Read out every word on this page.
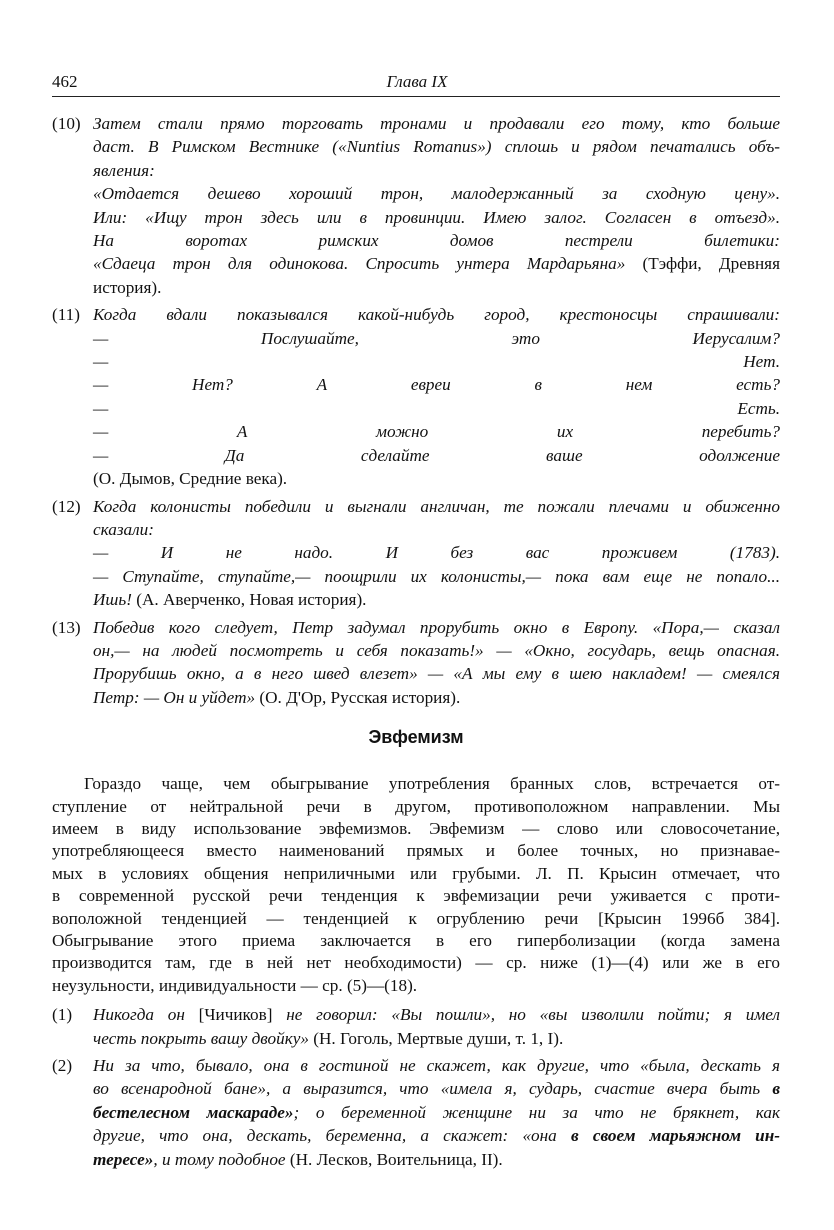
462	Глава IX
(10) Затем стали прямо торговать тронами и продавали его тому, кто больше
даст. В Римском Вестнике («Nuntius Romanus») сплошь и рядом печатались объ-
явления:
«Отдается дешево хороший трон, малодержанный за сходную цену».
Или: «Ищу трон здесь или в провинции. Имею залог. Согласен в отъезд».
На воротах римских домов пестрели билетики:
«Сдаеца трон для одинокова. Спросить унтера Мардарьяна» (Тэффи, Древняя
история).
(11) Когда вдали показывался какой-нибудь город, крестоносцы спрашивали:
— Послушайте, это Иерусалим?
— Нет.
— Нет? А евреи в нем есть?
— Есть.
— А можно их перебить?
— Да сделайте ваше одолжение
(О. Дымов, Средние века).
(12) Когда колонисты победили и выгнали англичан, те пожали плечами и обиженно
сказали:
— И не надо. И без вас проживем (1783).
— Ступайте, ступайте,— поощрили их колонисты,— пока вам еще не попало...
Ишь! (А. Аверченко, Новая история).
(13) Победив кого следует, Петр задумал прорубить окно в Европу. «Пора,— сказал
он,— на людей посмотреть и себя показать!» — «Окно, государь, вещь опасная.
Прорубишь окно, а в него швед влезет» — «А мы ему в шею накладем! — смеялся
Петр: — Он и уйдет» (О. Д'Ор, Русская история).
Эвфемизм
Гораздо чаще, чем обыгрывание употребления бранных слов, встречается от-
ступление от нейтральной речи в другом, противоположном направлении. Мы
имеем в виду использование эвфемизмов. Эвфемизм — слово или словосочетание,
употребляющееся вместо наименований прямых и более точных, но признавае-
мых в условиях общения неприличными или грубыми. Л. П. Крысин отмечает, что
в современной русской речи тенденция к эвфемизации речи уживается с проти-
воположной тенденцией — тенденцией к огрублению речи [Крысин 1996б 384].
Обыгрывание этого приема заключается в его гиперболизации (когда замена
производится там, где в ней нет необходимости) — ср. ниже (1)—(4) или же в его
неузульности, индивидуальности — ср. (5)—(18).
(1) Никогда он [Чичиков] не говорил: «Вы пошли», но «вы изволили пойти; я имел
честь покрыть вашу двойку» (Н. Гоголь, Мертвые души, т. 1, I).
(2) Ни за что, бывало, она в гостиной не скажет, как другие, что «была, дескать я
во всенародной бане», а выразится, что «имела я, сударь, счастие вчера быть в
бестелесном маскараде»; о беременной женщине ни за что не брякнет, как
другие, что она, дескать, беременна, а скажет: «она в своем марьяжном ин-
тересе», и тому подобное (Н. Лесков, Воительница, II).
